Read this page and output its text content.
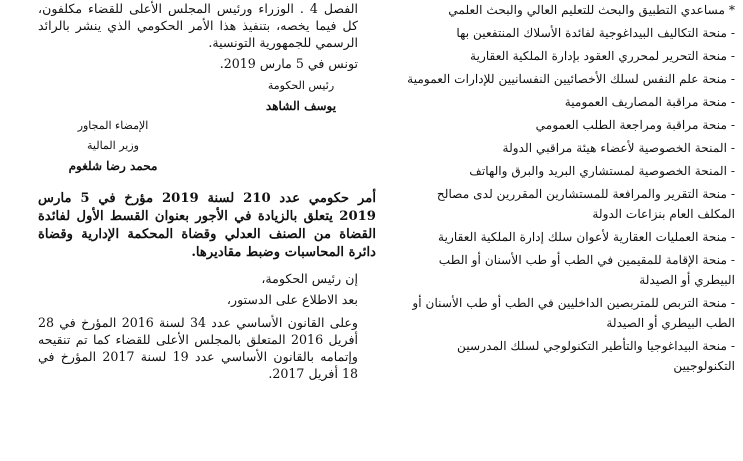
* مساعدي التطبيق والبحث للتعليم العالي والبحث العلمي

- منحة التكاليف البيداغوجية لفائدة الأسلاك المنتفعين بها

- منحة التحرير لمحرري العقود بإدارة الملكية العقارية

- منحة علم النفس لسلك الأخصائيين النفسانيين للإدارات العمومية

- منحة مراقبة المصاريف العمومية

- منحة مراقبة ومراجعة الطلب العمومي

- المنحة الخصوصية لأعضاء هيئة مراقبي الدولة

- المنحة الخصوصية لمستشاري البريد والبرق والهاتف

- منحة التقرير والمرافعة للمستشارين المقررين لدى مصالح المكلف العام بنزاعات الدولة

- منحة العمليات العقارية لأعوان سلك إدارة الملكية العقارية

- منحة الإقامة للمقيمين في الطب أو طب الأسنان أو الطب البيطري أو الصيدلة

- منحة التربص للمتربصين الداخليين في الطب أو طب الأسنان أو الطب البيطري أو الصيدلة

- منحة البيداغوجيا والتأطير التكنولوجي لسلك المدرسين التكنولوجيين

الفصل 4 . الوزراء ورئيس المجلس الأعلى للقضاء مكلفون، كل فيما يخصه، بتنفيذ هذا الأمر الحكومي الذي ينشر بالرائد الرسمي للجمهورية التونسية.
تونس في 5 مارس 2019.
رئيس الحكومة
يوسف الشاهد
الإمضاء المجاور
وزير المالية
محمد رضا شلغوم
أمر حكومي عدد 210 لسنة 2019 مؤرخ في 5 مارس 2019 يتعلق بالزيادة في الأجور بعنوان القسط الأول لفائدة القضاة من الصنف العدلي وقضاة المحكمة الإدارية وقضاة دائرة المحاسبات وضبط مقاديرها.
إن رئيس الحكومة،
بعد الاطلاع على الدستور،
وعلى القانون الأساسي عدد 34 لسنة 2016 المؤرخ في 28 أفريل 2016 المتعلق بالمجلس الأعلى للقضاء كما تم تنقيحه وإتمامه بالقانون الأساسي عدد 19 لسنة 2017 المؤرخ في 18 أفريل 2017.
